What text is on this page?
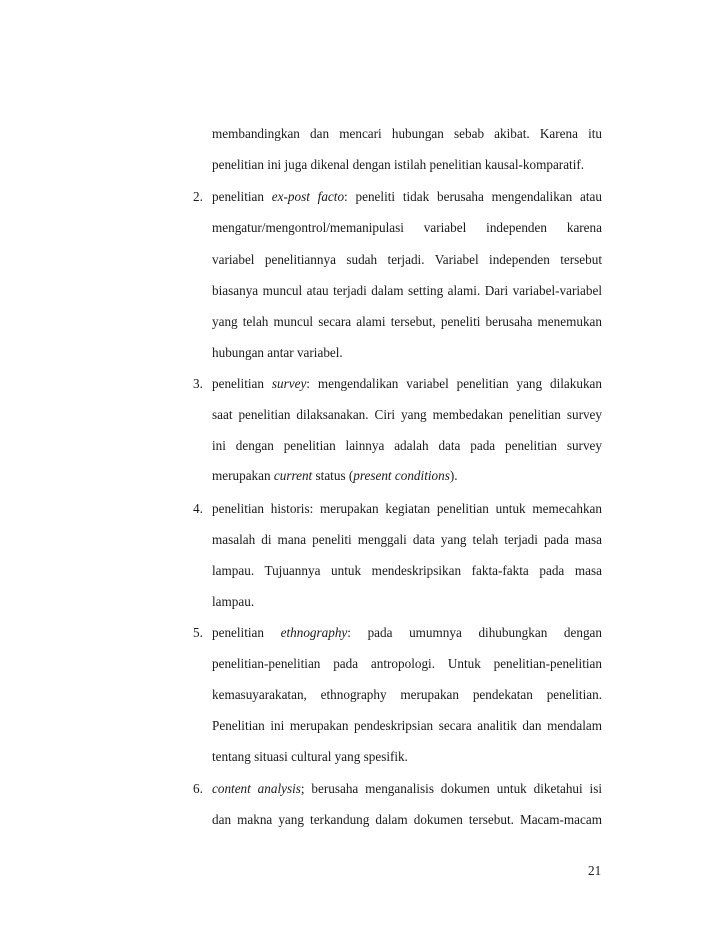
membandingkan dan mencari hubungan sebab akibat. Karena itu
penelitian ini juga dikenal dengan istilah penelitian kausal-komparatif.
2. penelitian ex-post facto: peneliti tidak berusaha mengendalikan atau
mengatur/mengontrol/memanipulasi variabel independen karena
variabel penelitiannya sudah terjadi. Variabel independen tersebut
biasanya muncul atau terjadi dalam setting alami. Dari variabel-variabel
yang telah muncul secara alami tersebut, peneliti berusaha menemukan
hubungan antar variabel.
3. penelitian survey: mengendalikan variabel penelitian yang dilakukan
saat penelitian dilaksanakan. Ciri yang membedakan penelitian survey
ini dengan penelitian lainnya adalah data pada penelitian survey
merupakan current status (present conditions).
4. penelitian historis: merupakan kegiatan penelitian untuk memecahkan
masalah di mana peneliti menggali data yang telah terjadi pada masa
lampau. Tujuannya untuk mendeskripsikan fakta-fakta pada masa
lampau.
5. penelitian ethnography: pada umumnya dihubungkan dengan
penelitian-penelitian pada antropologi. Untuk penelitian-penelitian
kemasuyarakatan, ethnography merupakan pendekatan penelitian.
Penelitian ini merupakan pendeskripsian secara analitik dan mendalam
tentang situasi cultural yang spesifik.
6. content analysis; berusaha menganalisis dokumen untuk diketahui isi
dan makna yang terkandung dalam dokumen tersebut. Macam-macam
21
